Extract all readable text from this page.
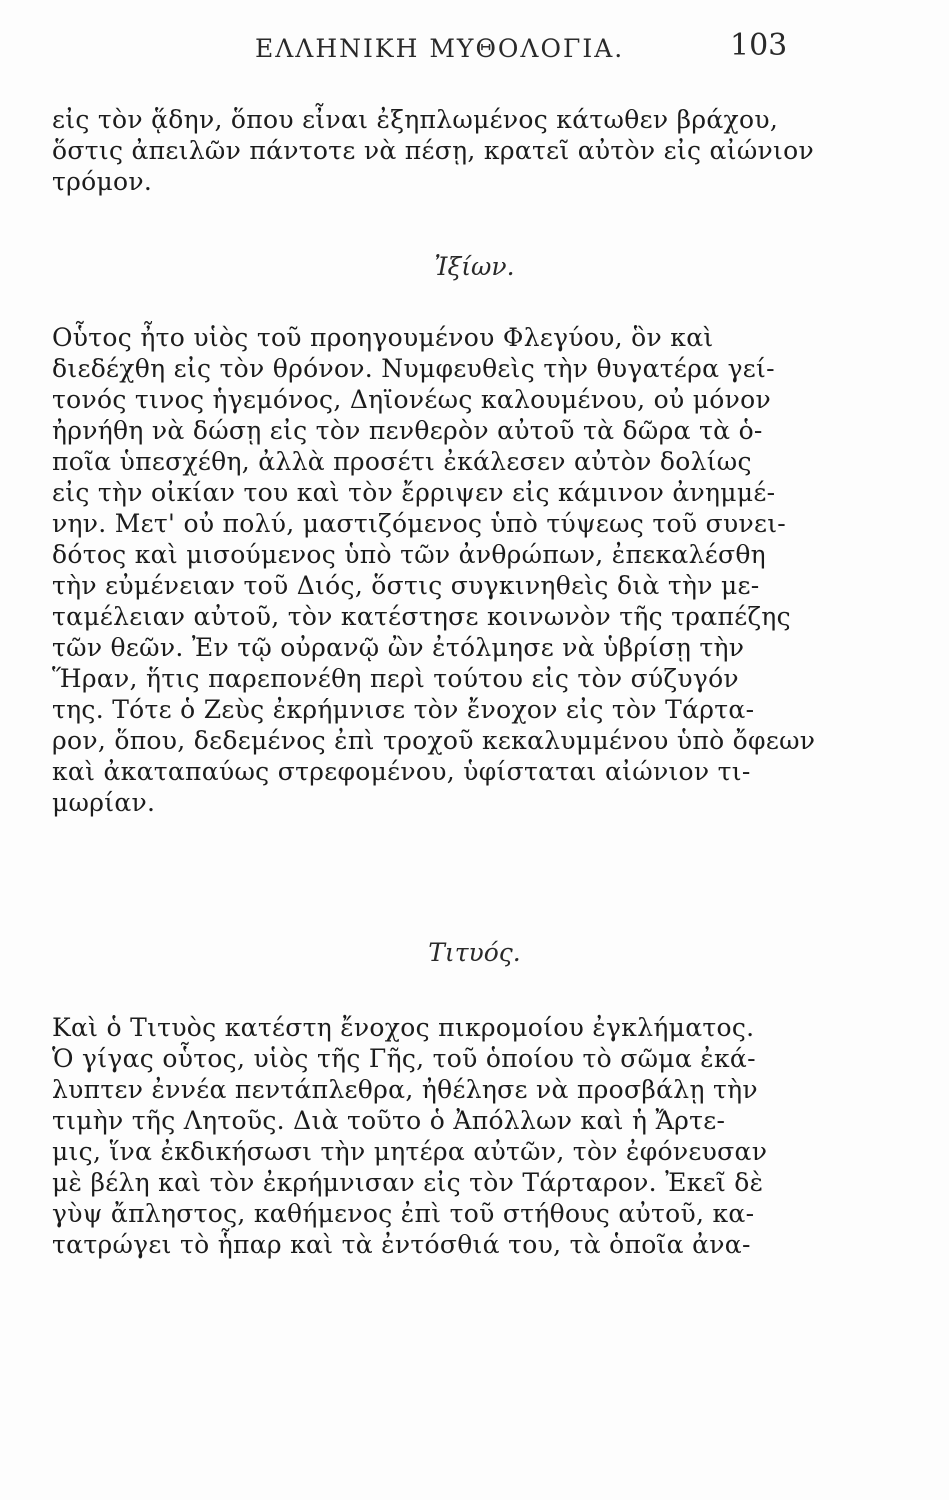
ΕΛΛΗΝΙΚΗ ΜΥΘΟΛΟΓΙΑ.	103
εἰς τὸν ᾅδην, ὅπου εἶναι ἐξηπλωμένος κάτωθεν βράχου,
ὅστις ἀπειλῶν πάντοτε νὰ πέσῃ, κρατεῖ αὐτὸν εἰς αἰώνιον
τρόμον.
Ἰξίων.
Οὗτος ἦτο υἱὸς τοῦ προηγουμένου Φλεγύου, ὃν καὶ
διεδέχθη εἰς τὸν θρόνον. Νυμφευθεὶς τὴν θυγατέρα γεί-
τονός τινος ἡγεμόνος, Δηϊονέως καλουμένου, οὐ μόνον
ἠρνήθη νὰ δώσῃ εἰς τὸν πενθερὸν αὐτοῦ τὰ δῶρα τὰ ὁ-
ποῖα ὑπεσχέθη, ἀλλὰ προσέτι ἐκάλεσεν αὐτὸν δολίως
εἰς τὴν οἰκίαν του καὶ τὸν ἔρριψεν εἰς κάμινον ἀνημμέ-
νην. Μετ' οὐ πολύ, μαστιζόμενος ὑπὸ τύψεως τοῦ συνει-
δότος καὶ μισούμενος ὑπὸ τῶν ἀνθρώπων, ἐπεκαλέσθη
τὴν εὐμένειαν τοῦ Διός, ὅστις συγκινηθεὶς διὰ τὴν με-
ταμέλειαν αὐτοῦ, τὸν κατέστησε κοινωνὸν τῆς τραπέζης
τῶν θεῶν. Ἐν τῷ οὐρανῷ ὢν ἐτόλμησε νὰ ὑβρίσῃ τὴν
Ἥραν, ἥτις παρεπονέθη περὶ τούτου εἰς τὸν σύζυγόν
της. Τότε ὁ Ζεὺς ἐκρήμνισε τὸν ἔνοχον εἰς τὸν Τάρτα-
ρον, ὅπου, δεδεμένος ἐπὶ τροχοῦ κεκαλυμμένου ὑπὸ ὄφεων
καὶ ἀκαταπαύως στρεφομένου, ὑφίσταται αἰώνιον τι-
μωρίαν.
Τιτυός.
Καὶ ὁ Τιτυὸς κατέστη ἔνοχος πικρομοίου ἐγκλήματος.
Ὁ γίγας οὗτος, υἱὸς τῆς Γῆς, τοῦ ὁποίου τὸ σῶμα ἐκά-
λυπτεν ἐννέα πεντάπλεθρα, ἠθέλησε νὰ προσβάλῃ τὴν
τιμὴν τῆς Λητοῦς. Διὰ τοῦτο ὁ Ἀπόλλων καὶ ἡ Ἄρτε-
μις, ἵνα ἐκδικήσωσι τὴν μητέρα αὐτῶν, τὸν ἐφόνευσαν
μὲ βέλη καὶ τὸν ἐκρήμνισαν εἰς τὸν Τάρταρον. Ἐκεῖ δὲ
γὺψ ἄπληστος, καθήμενος ἐπὶ τοῦ στήθους αὐτοῦ, κα-
τατρώγει τὸ ἧπαρ καὶ τὰ ἐντόσθιά του, τὰ ὁποῖα ἀνα-
